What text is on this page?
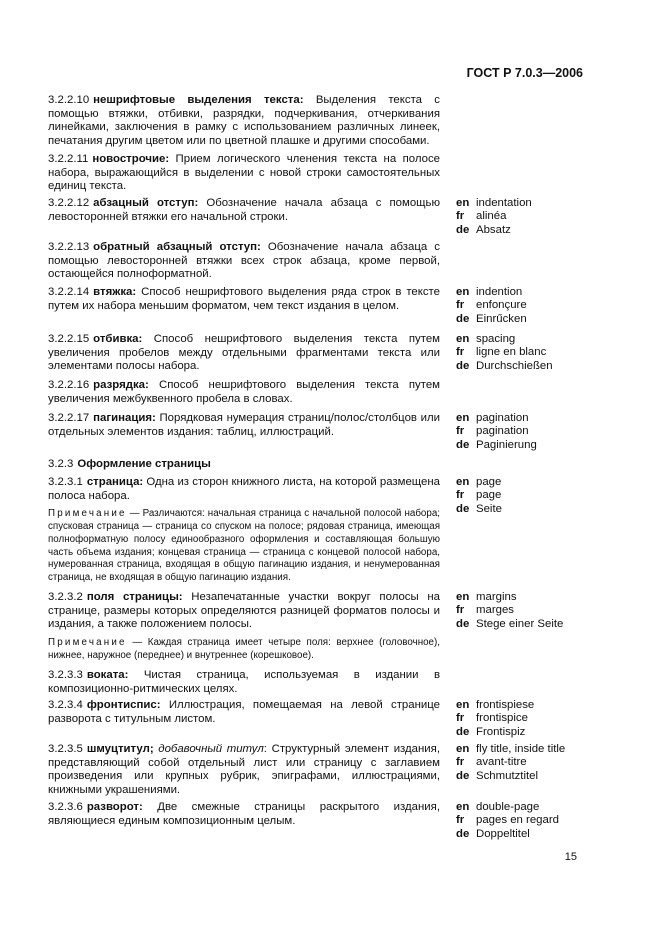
ГОСТ Р 7.0.3—2006
3.2.2.10 нешрифтовые выделения текста: Выделения текста с помощью втяжки, отбивки, разрядки, подчеркивания, отчеркивания линейками, заключения в рамку с использованием различных линеек, печатания другим цветом или по цветной плашке и другими способами.
3.2.2.11 новострочие: Прием логического членения текста на полосе набора, выражающийся в выделении с новой строки самостоятельных единиц текста.
3.2.2.12 абзацный отступ: Обозначение начала абзаца с помощью левосторонней втяжки его начальной строки.
en indentation
fr	alinéa
de Absatz
3.2.2.13 обратный абзацный отступ: Обозначение начала абзаца с помощью левосторонней втяжки всех строк абзаца, кроме первой, остающейся полноформатной.
3.2.2.14 втяжка: Способ нешрифтового выделения ряда строк в тексте путем их набора меньшим форматом, чем текст издания в целом.
en indention
fr	enfonçure
de Einrűcken
3.2.2.15 отбивка: Способ нешрифтового выделения текста путем увеличения пробелов между отдельными фрагментами текста или элементами полосы набора.
en spacing
fr	ligne en blanc
de Durchschießen
3.2.2.16 разрядка: Способ нешрифтового выделения текста путем увеличения межбуквенного пробела в словах.
3.2.2.17 пагинация: Порядковая нумерация страниц/полос/столбцов или отдельных элементов издания: таблиц, иллюстраций.
en pagination
fr	pagination
de Paginierung
3.2.3 Оформление страницы
3.2.3.1 страница: Одна из сторон книжного листа, на которой размещена полоса набора.
Примечание — Различаются: начальная страница с начальной полосой набора; спусковая страница — страница со спуском на полосе; рядовая страница, имеющая полноформатную полосу единообразного оформления и составляющая большую часть объема издания; концевая страница — страница с концевой полосой набора, нумерованная страница, входящая в общую пагинацию издания, и ненумерованная страница, не входящая в общую пагинацию издания.
en page
fr	page
de Seite
3.2.3.2 поля страницы: Незапечатанные участки вокруг полосы на странице, размеры которых определяются разницей форматов полосы и издания, а также положением полосы.
Примечание — Каждая страница имеет четыре поля: верхнее (головочное), нижнее, наружное (переднее) и внутреннее (корешковое).
en margins
fr	marges
de Stege einer Seite
3.2.3.3 воката: Чистая страница, используемая в издании в композиционно-ритмических целях.
3.2.3.4 фронтиспис: Иллюстрация, помещаемая на левой странице разворота с титульным листом.
en frontispiese
fr	frontispice
de Frontispiz
3.2.3.5 шмуцтитул; добавочный титул: Структурный элемент издания, представляющий собой отдельный лист или страницу с заглавием произведения или крупных рубрик, эпиграфами, иллюстрациями, книжными украшениями.
en fly title, inside title
fr	avant-titre
de Schmutztitel
3.2.3.6 разворот: Две смежные страницы раскрытого издания, являющиеся единым композиционным целым.
en double-page
fr	pages en regard
de Doppeltitel
15
